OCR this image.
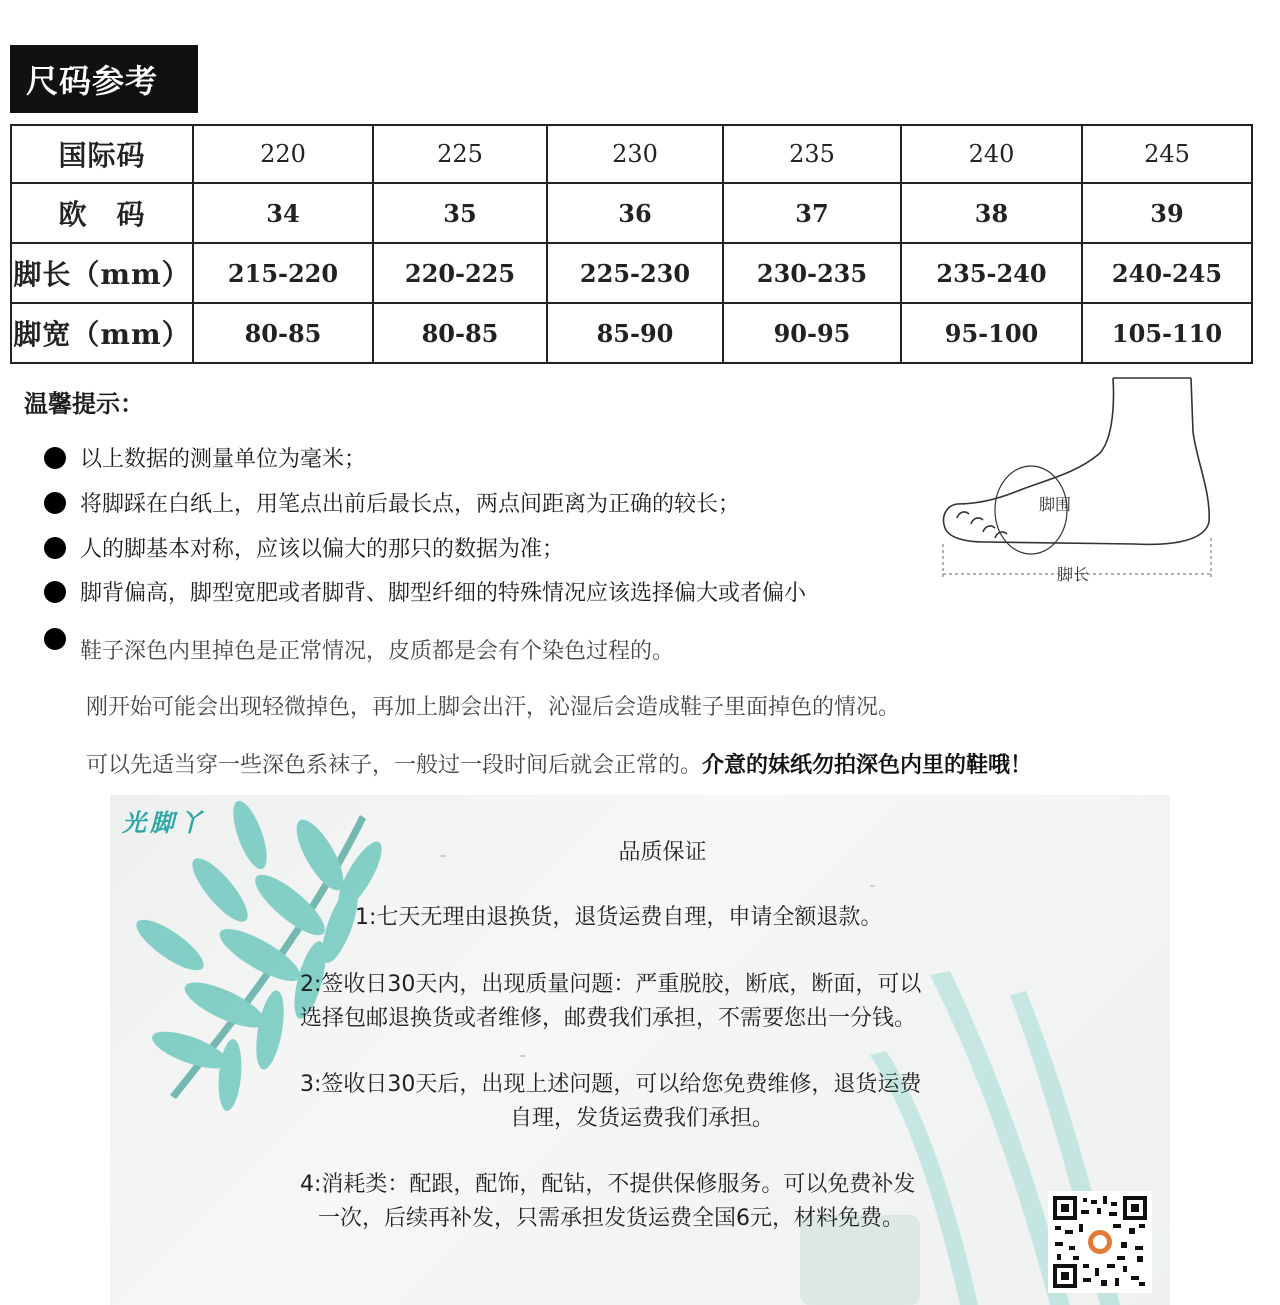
尺码参考
国际码	220	225	230	235	240	245
欧　码	34	35	36	37	38	39
脚长（mm）	215-220	220-225	225-230	230-235	235-240	240-245
脚宽（mm）	80-85	80-85	85-90	90-95	95-100	105-110
温馨提示：
以上数据的测量单位为毫米；
将脚踩在白纸上，用笔点出前后最长点，两点间距离为正确的较长；
人的脚基本对称，应该以偏大的那只的数据为准；
脚背偏高，脚型宽肥或者脚背、脚型纤细的特殊情况应该选择偏大或者偏小
鞋子深色内里掉色是正常情况，皮质都是会有个染色过程的。
刚开始可能会出现轻微掉色，再加上脚会出汗，沁湿后会造成鞋子里面掉色的情况。
可以先适当穿一些深色系袜子，一般过一段时间后就会正常的。介意的妹纸勿拍深色内里的鞋哦！
脚围
脚长
光脚丫
品质保证
1:七天无理由退换货，退货运费自理，申请全额退款。
2:签收日30天内，出现质量问题：严重脱胶，断底，断面，可以
选择包邮退换货或者维修，邮费我们承担，不需要您出一分钱。
3:签收日30天后，出现上述问题，可以给您免费维修，退货运费
自理，发货运费我们承担。
4:消耗类：配跟，配饰，配钻，不提供保修服务。可以免费补发
一次，后续再补发，只需承担发货运费全国6元，材料免费。
